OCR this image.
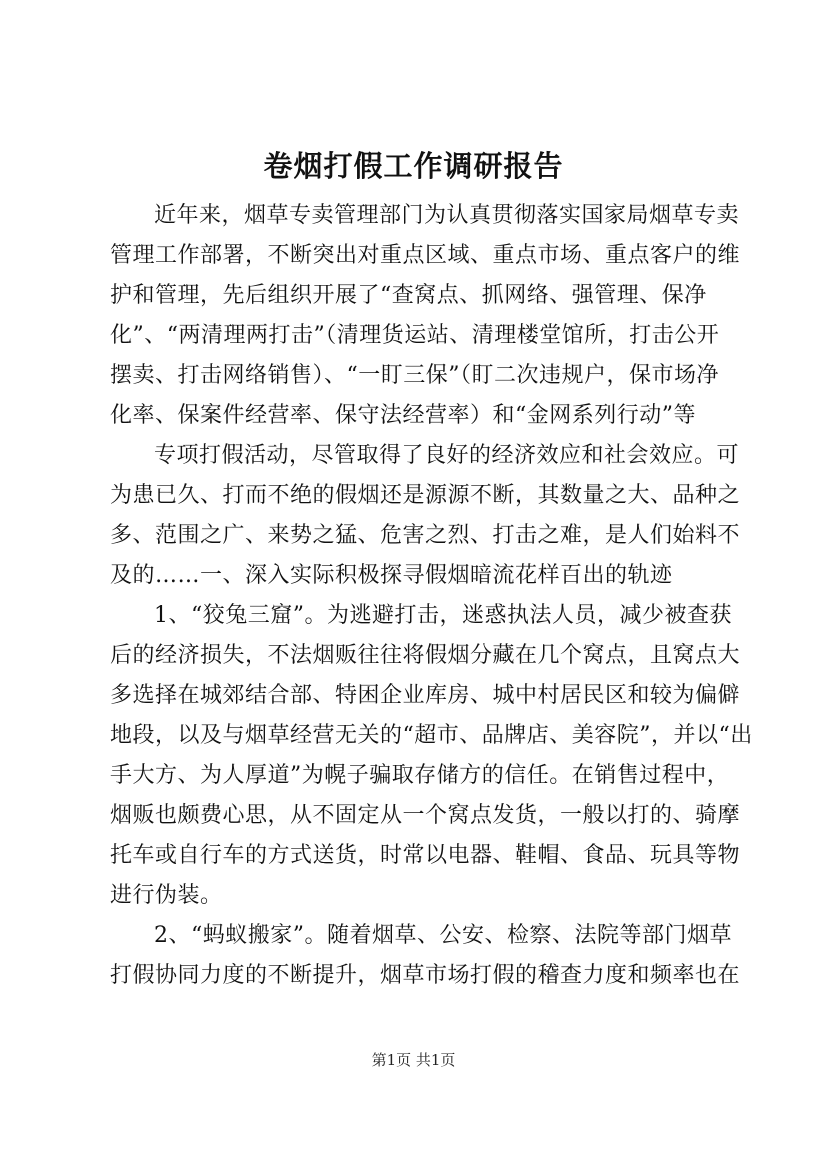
卷烟打假工作调研报告

近年来，烟草专卖管理部门为认真贯彻落实国家局烟草专卖
管理工作部署，不断突出对重点区域、重点市场、重点客户的维
护和管理，先后组织开展了“查窝点、抓网络、强管理、保净
化”、“两清理两打击”（清理货运站、清理楼堂馆所，打击公开
摆卖、打击网络销售）、“一盯三保”（盯二次违规户，保市场净
化率、保案件经营率、保守法经营率）和“金网系列行动”等

专项打假活动，尽管取得了良好的经济效应和社会效应。可
为患已久、打而不绝的假烟还是源源不断，其数量之大、品种之
多、范围之广、来势之猛、危害之烈、打击之难，是人们始料不
及的……一、深入实际积极探寻假烟暗流花样百出的轨迹

1、“狡兔三窟”。为逃避打击，迷惑执法人员，减少被查获
后的经济损失，不法烟贩往往将假烟分藏在几个窝点，且窝点大
多选择在城郊结合部、特困企业库房、城中村居民区和较为偏僻
地段，以及与烟草经营无关的“超市、品牌店、美容院”，并以“出
手大方、为人厚道”为幌子骗取存储方的信任。在销售过程中，
烟贩也颇费心思，从不固定从一个窝点发货，一般以打的、骑摩
托车或自行车的方式送货，时常以电器、鞋帽、食品、玩具等物
进行伪装。

2、“蚂蚁搬家”。随着烟草、公安、检察、法院等部门烟草
打假协同力度的不断提升，烟草市场打假的稽查力度和频率也在

第1页 共1页
